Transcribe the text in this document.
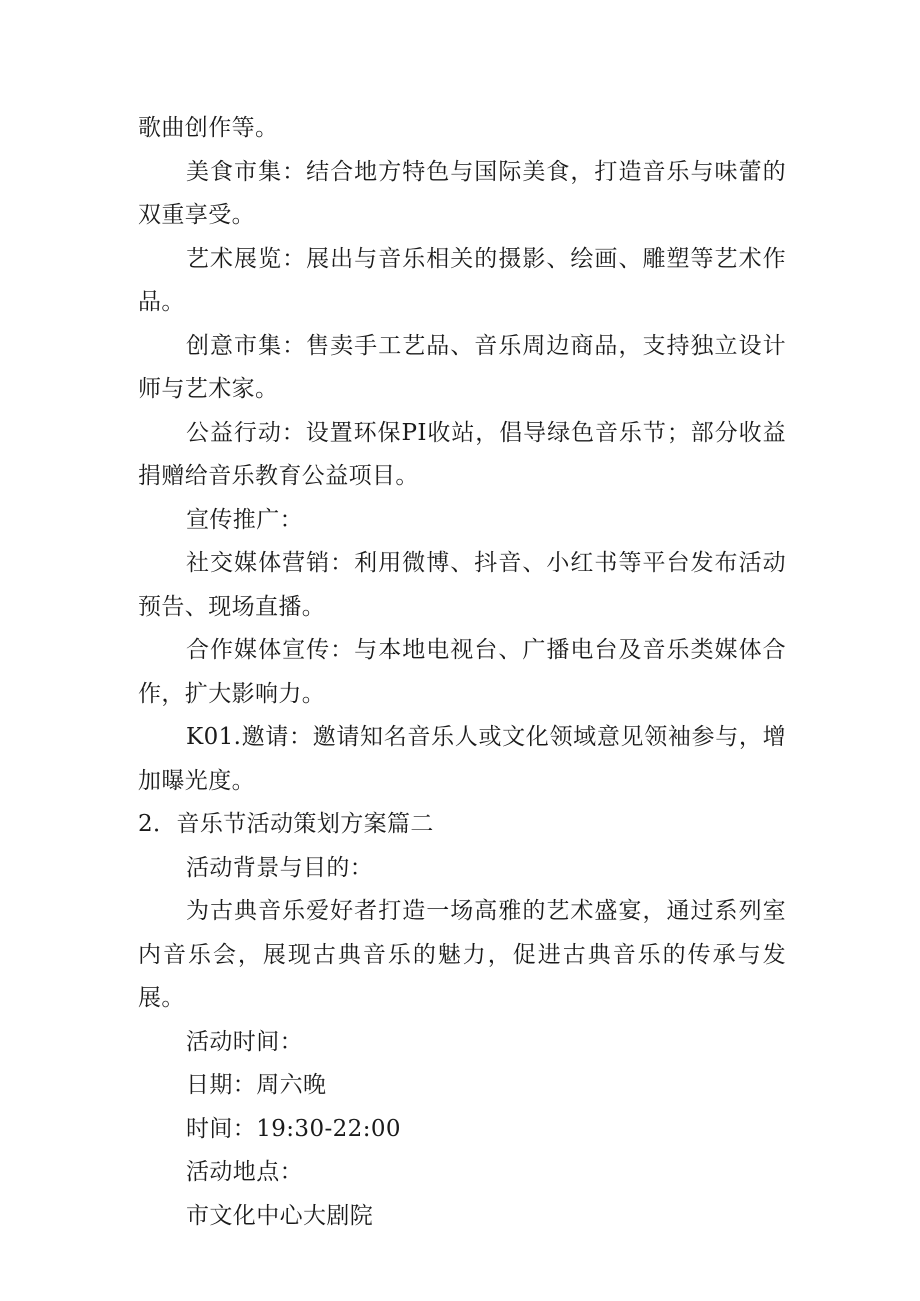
歌曲创作等。

美食市集：结合地方特色与国际美食，打造音乐与味蕾的双重享受。

艺术展览：展出与音乐相关的摄影、绘画、雕塑等艺术作品。

创意市集：售卖手工艺品、音乐周边商品，支持独立设计师与艺术家。

公益行动：设置环保PI收站，倡导绿色音乐节；部分收益捐赠给音乐教育公益项目。

宣传推广：

社交媒体营销：利用微博、抖音、小红书等平台发布活动预告、现场直播。

合作媒体宣传：与本地电视台、广播电台及音乐类媒体合作，扩大影响力。

K01.邀请：邀请知名音乐人或文化领域意见领袖参与，增加曝光度。

2．音乐节活动策划方案篇二

活动背景与目的：

为古典音乐爱好者打造一场高雅的艺术盛宴，通过系列室内音乐会，展现古典音乐的魅力，促进古典音乐的传承与发展。

活动时间：

日期：周六晚

时间：19:30-22:00

活动地点：

市文化中心大剧院
